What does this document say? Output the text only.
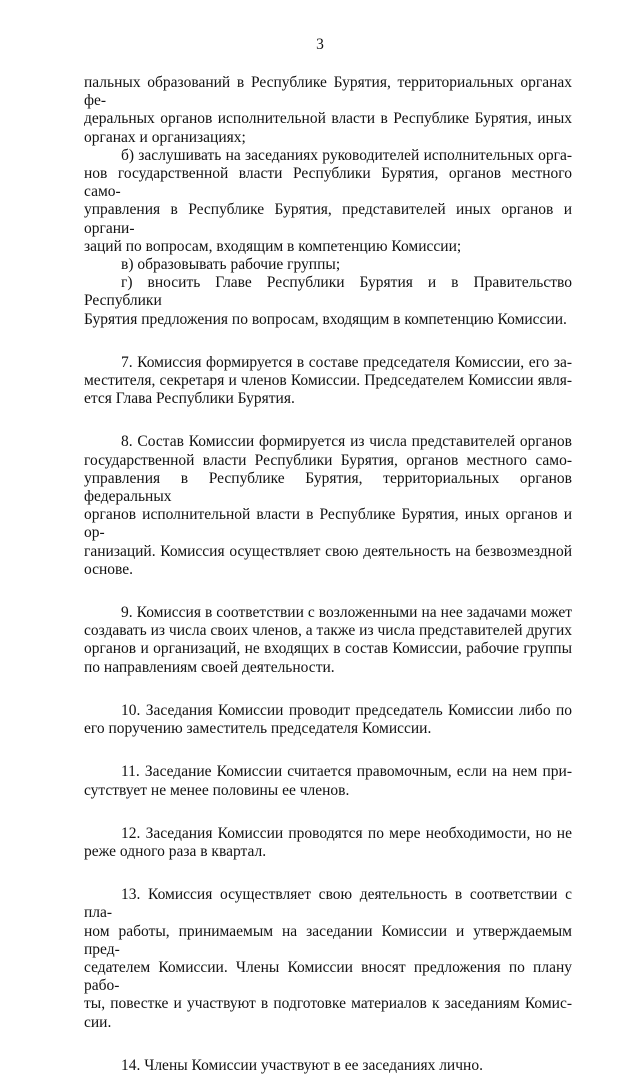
3
пальных образований в Республике Бурятия, территориальных органах фе-
деральных органов исполнительной власти в Республике Бурятия, иных
органах и организациях;
б) заслушивать на заседаниях руководителей исполнительных орга-
нов государственной власти Республики Бурятия, органов местного само-
управления в Республике Бурятия, представителей иных органов и органи-
заций по вопросам, входящим в компетенцию Комиссии;
в) образовывать рабочие группы;
г) вносить Главе Республики Бурятия и в Правительство Республики
Бурятия предложения по вопросам, входящим в компетенцию Комиссии.
7. Комиссия формируется в составе председателя Комиссии, его за-
местителя, секретаря и членов Комиссии. Председателем Комиссии явля-
ется Глава Республики Бурятия.
8. Состав Комиссии формируется из числа представителей органов
государственной власти Республики Бурятия, органов местного само-
управления в Республике Бурятия, территориальных органов федеральных
органов исполнительной власти в Республике Бурятия, иных органов и ор-
ганизаций. Комиссия осуществляет свою деятельность на безвозмездной
основе.
9. Комиссия в соответствии с возложенными на нее задачами может
создавать из числа своих членов, а также из числа представителей других
органов и организаций, не входящих в состав Комиссии, рабочие группы
по направлениям своей деятельности.
10. Заседания Комиссии проводит председатель Комиссии либо по
его поручению заместитель председателя Комиссии.
11. Заседание Комиссии считается правомочным, если на нем при-
сутствует не менее половины ее членов.
12. Заседания Комиссии проводятся по мере необходимости, но не
реже одного раза в квартал.
13. Комиссия осуществляет свою деятельность в соответствии с пла-
ном работы, принимаемым на заседании Комиссии и утверждаемым пред-
седателем Комиссии. Члены Комиссии вносят предложения по плану рабо-
ты, повестке и участвуют в подготовке материалов к заседаниям Комис-
сии.
14. Члены Комиссии участвуют в ее заседаниях лично.
